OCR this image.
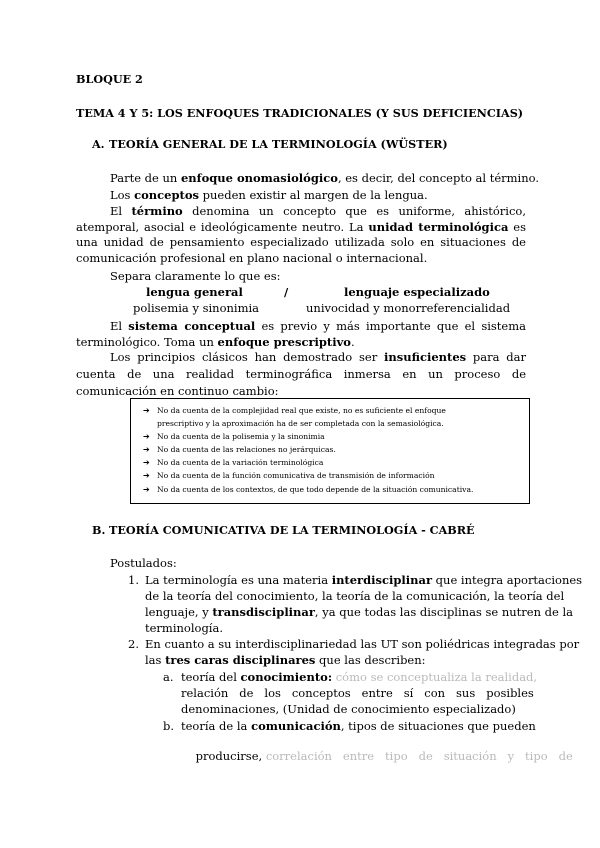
BLOQUE 2
TEMA 4 Y 5: LOS ENFOQUES TRADICIONALES (Y SUS DEFICIENCIAS)
A. TEORÍA GENERAL DE LA TERMINOLOGÍA (WÜSTER)
Parte de un enfoque onomasiológico, es decir, del concepto al término.
Los conceptos pueden existir al margen de la lengua.
El término denomina un concepto que es uniforme, ahistórico, atemporal, asocial e ideológicamente neutro. La unidad terminológica es una unidad de pensamiento especializado utilizada solo en situaciones de comunicación profesional en plano nacional o internacional.
Separa claramente lo que es:
lengua general	/	lenguaje especializado
polisemia y sinonimia	univocidad y monorreferencialidad
El sistema conceptual es previo y más importante que el sistema terminológico. Toma un enfoque prescriptivo.
Los principios clásicos han demostrado ser insuficientes para dar cuenta de una realidad terminográfica inmersa en un proceso de comunicación en continuo cambio:
➔ No da cuenta de la complejidad real que existe, no es suficiente el enfoque
prescriptivo y la aproximación ha de ser completada con la semasiológica.
➔ No da cuenta de la polisemia y la sinonimia
➔ No da cuenta de las relaciones no jerárquicas.
➔ No da cuenta de la variación terminológica
➔ No da cuenta de la función comunicativa de transmisión de información
➔ No da cuenta de los contextos, de que todo depende de la situación comunicativa.
B. TEORÍA COMUNICATIVA DE LA TERMINOLOGÍA - CABRÉ
Postulados:
1. La terminología es una materia interdisciplinar que integra aportaciones
de la teoría del conocimiento, la teoría de la comunicación, la teoría del
lenguaje, y transdisciplinar, ya que todas las disciplinas se nutren de la
terminología.
2. En cuanto a su interdisciplinariedad las UT son poliédricas integradas por
las tres caras disciplinares que las describen:
a. teoría del conocimiento: cómo se conceptualiza la realidad,
relación   de   los   conceptos   entre   sí   con   sus   posibles
denominaciones, (Unidad de conocimiento especializado)
b. teoría de la comunicación, tipos de situaciones que pueden

producirse, correlación   entre   tipo   de   situación   y   tipo   de
